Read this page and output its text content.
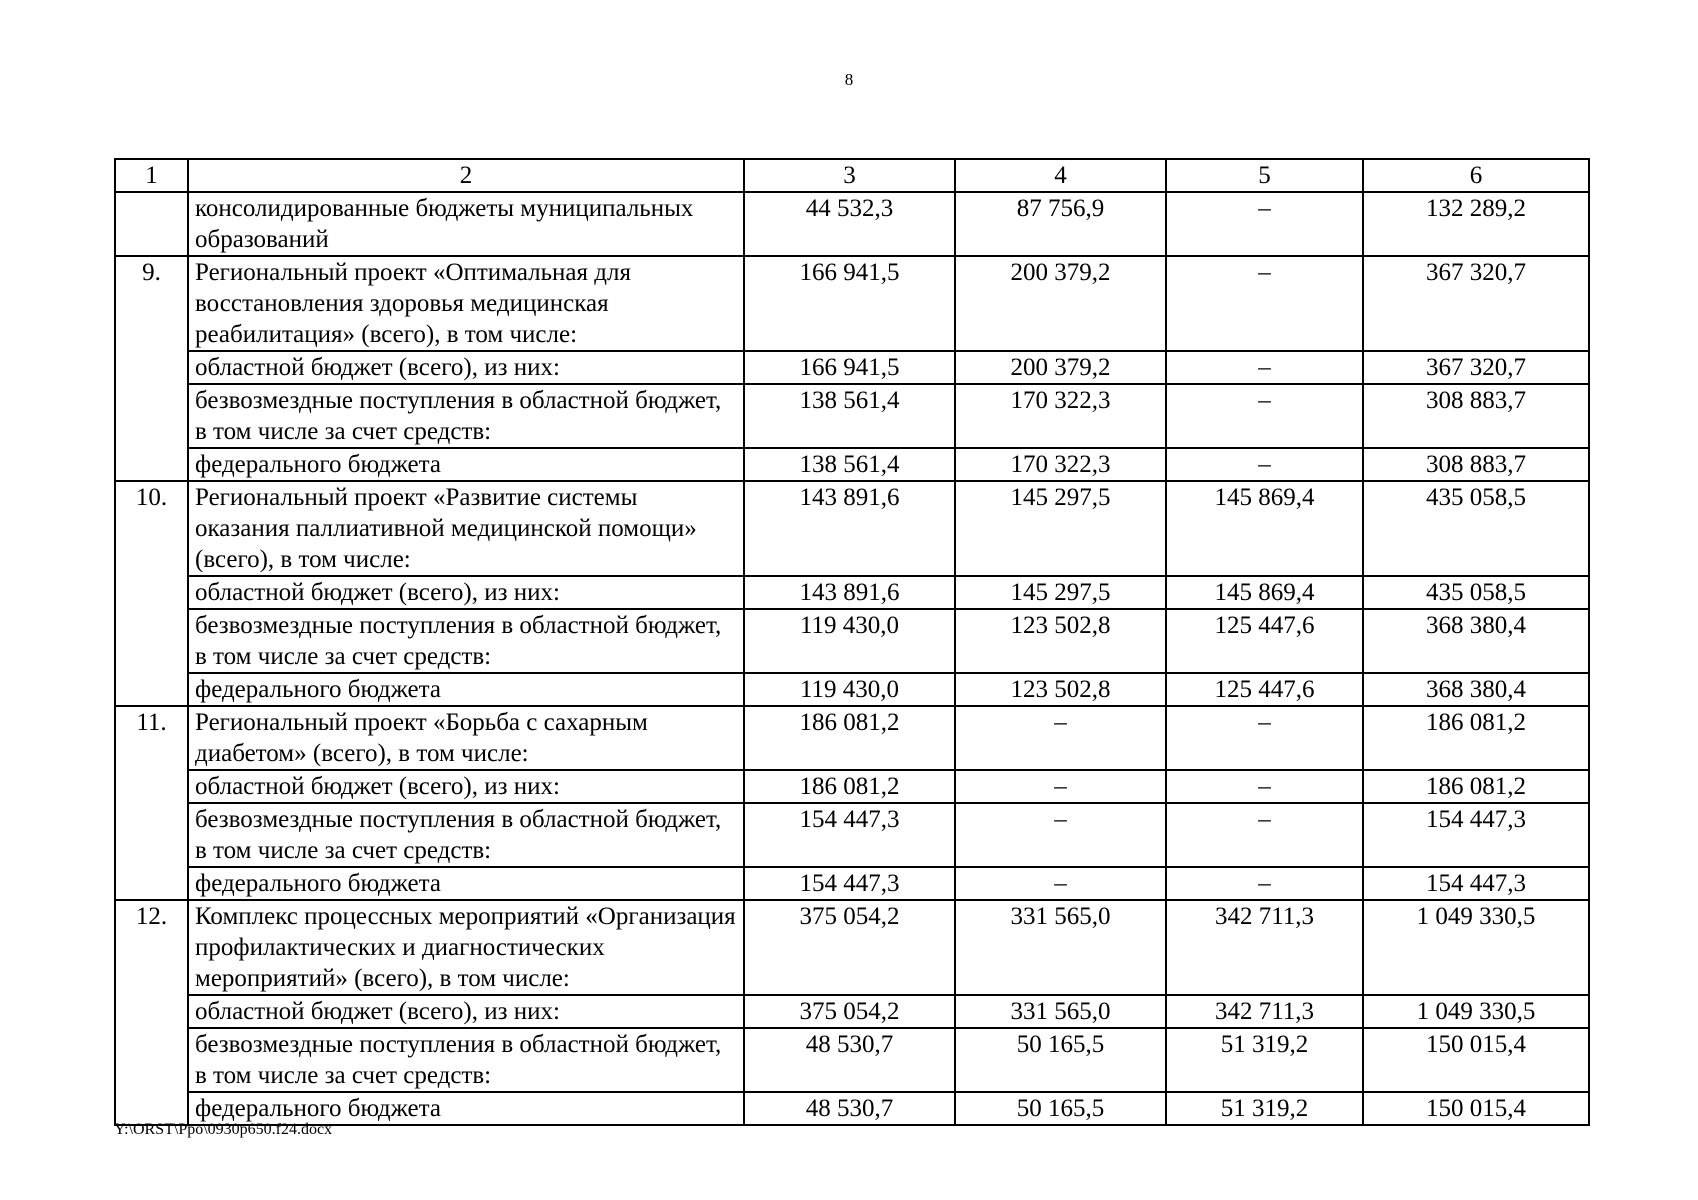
8
1	2	3	4	5	6
	консолидированные бюджеты муниципальных образований	44 532,3	87 756,9	–	132 289,2
9.	Региональный проект «Оптимальная для восстановления здоровья медицинская реабилитация» (всего), в том числе:	166 941,5	200 379,2	–	367 320,7
	областной бюджет (всего), из них:	166 941,5	200 379,2	–	367 320,7
	безвозмездные поступления в областной бюджет, в том числе за счет средств:	138 561,4	170 322,3	–	308 883,7
	федерального бюджета	138 561,4	170 322,3	–	308 883,7
10.	Региональный проект «Развитие системы оказания паллиативной медицинской помощи» (всего), в том числе:	143 891,6	145 297,5	145 869,4	435 058,5
	областной бюджет (всего), из них:	143 891,6	145 297,5	145 869,4	435 058,5
	безвозмездные поступления в областной бюджет, в том числе за счет средств:	119 430,0	123 502,8	125 447,6	368 380,4
	федерального бюджета	119 430,0	123 502,8	125 447,6	368 380,4
11.	Региональный проект «Борьба с сахарным диабетом» (всего), в том числе:	186 081,2	–	–	186 081,2
	областной бюджет (всего), из них:	186 081,2	–	–	186 081,2
	безвозмездные поступления в областной бюджет, в том числе за счет средств:	154 447,3	–	–	154 447,3
	федерального бюджета	154 447,3	–	–	154 447,3
12.	Комплекс процессных мероприятий «Организация профилактических и диагностических мероприятий» (всего), в том числе:	375 054,2	331 565,0	342 711,3	1 049 330,5
	областной бюджет (всего), из них:	375 054,2	331 565,0	342 711,3	1 049 330,5
	безвозмездные поступления в областной бюджет, в том числе за счет средств:	48 530,7	50 165,5	51 319,2	150 015,4
	федерального бюджета	48 530,7	50 165,5	51 319,2	150 015,4
Y:\ORST\Ppo\0930p650.f24.docx
